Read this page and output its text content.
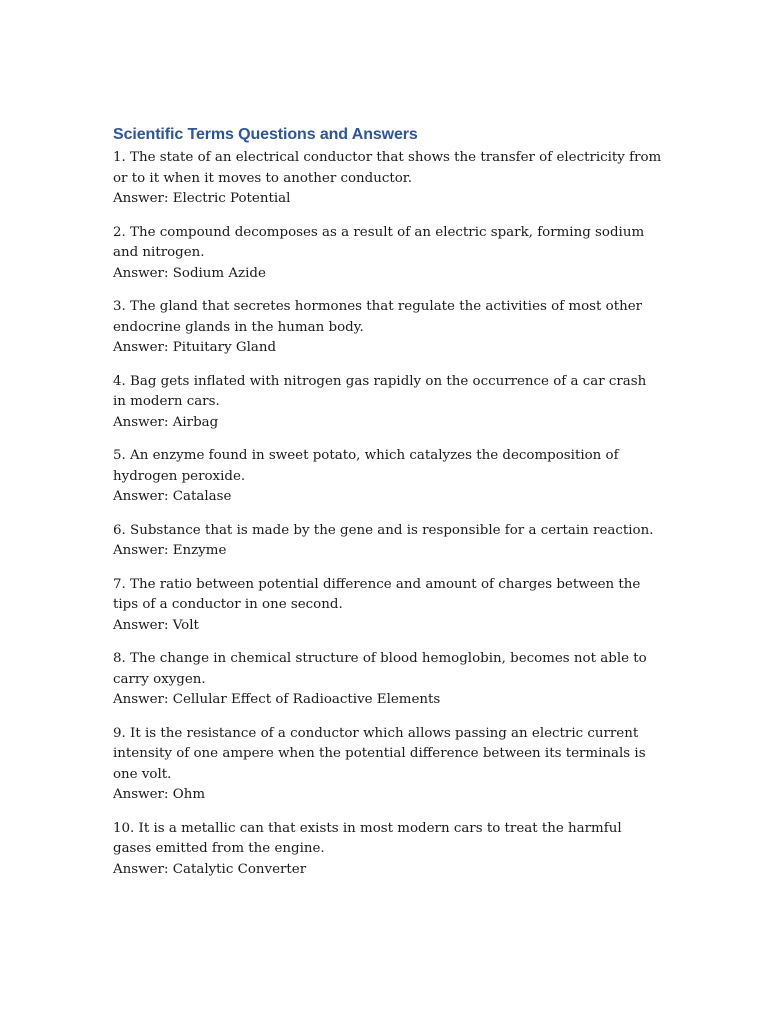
Scientific Terms Questions and Answers
1. The state of an electrical conductor that shows the transfer of electricity from or to it when it moves to another conductor.
Answer: Electric Potential
2. The compound decomposes as a result of an electric spark, forming sodium and nitrogen.
Answer: Sodium Azide
3. The gland that secretes hormones that regulate the activities of most other endocrine glands in the human body.
Answer: Pituitary Gland
4. Bag gets inflated with nitrogen gas rapidly on the occurrence of a car crash in modern cars.
Answer: Airbag
5. An enzyme found in sweet potato, which catalyzes the decomposition of hydrogen peroxide.
Answer: Catalase
6. Substance that is made by the gene and is responsible for a certain reaction.
Answer: Enzyme
7. The ratio between potential difference and amount of charges between the tips of a conductor in one second.
Answer: Volt
8. The change in chemical structure of blood hemoglobin, becomes not able to carry oxygen.
Answer: Cellular Effect of Radioactive Elements
9. It is the resistance of a conductor which allows passing an electric current intensity of one ampere when the potential difference between its terminals is one volt.
Answer: Ohm
10. It is a metallic can that exists in most modern cars to treat the harmful gases emitted from the engine.
Answer: Catalytic Converter
